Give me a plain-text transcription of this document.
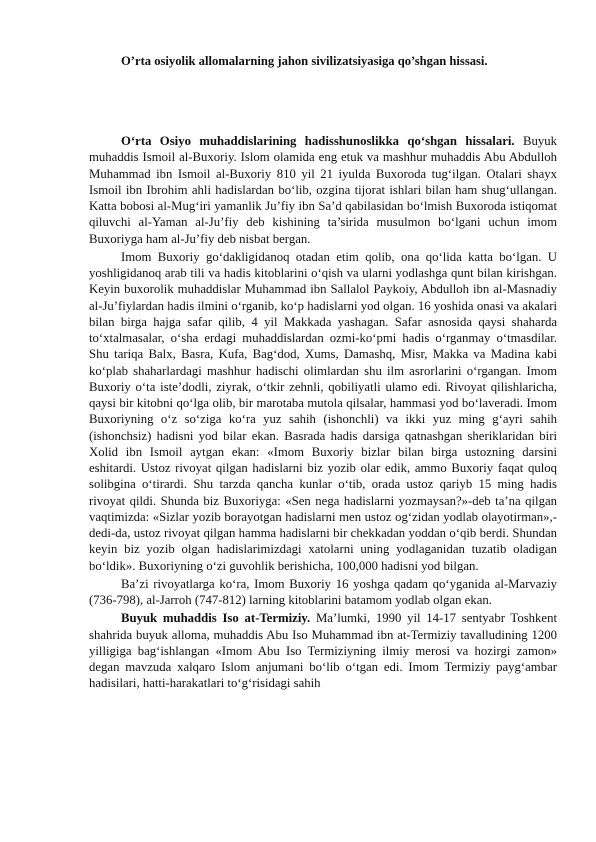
O’rta osiyolik allomalarning jahon sivilizatsiyasiga qo’shgan hissasi.

O‘rta Osiyo muhaddislarining hadisshunoslikka qo‘shgan hissalari. Buyuk muhaddis Ismoil al-Buxoriy. Islom olamida eng etuk va mashhur muhaddis Abu Abdulloh Muhammad ibn Ismoil al-Buxoriy 810 yil 21 iyulda Buxoroda tug‘ilgan. Otalari shayx Ismoil ibn Ibrohim ahli hadislardan bo‘lib, ozgina tijorat ishlari bilan ham shug‘ullangan. Katta bobosi al-Mug‘iri yamanlik Ju’fiy ibn Sa’d qabilasidan bo‘lmish Buxoroda istiqomat qiluvchi al-Yaman al-Ju’fiy deb kishining ta’sirida musulmon bo‘lgani uchun imom Buxoriyga ham al-Ju’fiy deb nisbat bergan.

Imom Buxoriy go‘dakligidanoq otadan etim qolib, ona qo‘lida katta bo‘lgan. U yoshligidanoq arab tili va hadis kitoblarini o‘qish va ularni yodlashga qunt bilan kirishgan. Keyin buxorolik muhaddislar Muhammad ibn Sallalol Paykoiy, Abdulloh ibn al-Masnadiy al-Ju’fiylardan hadis ilmini o‘rganib, ko‘p hadislarni yod olgan. 16 yoshida onasi va akalari bilan birga hajga safar qilib, 4 yil Makkada yashagan. Safar asnosida qaysi shaharda to‘xtalmasalar, o‘sha erdagi muhaddislardan ozmi-ko‘pmi hadis o‘rganmay o‘tmasdilar. Shu tariqa Balx, Basra, Kufa, Bag‘dod, Xums, Damashq, Misr, Makka va Madina kabi ko‘plab shaharlardagi mashhur hadischi olimlardan shu ilm asrorlarini o‘rgangan. Imom Buxoriy o‘ta iste’dodli, ziyrak, o‘tkir zehnli, qobiliyatli ulamo edi. Rivoyat qilishlaricha, qaysi bir kitobni qo‘lga olib, bir marotaba mutola qilsalar, hammasi yod bo‘laveradi. Imom Buxoriyning o‘z so‘ziga ko‘ra yuz sahih (ishonchli) va ikki yuz ming g‘ayri sahih (ishonchsiz) hadisni yod bilar ekan. Basrada hadis darsiga qatnashgan sheriklaridan biri Xolid ibn Ismoil aytgan ekan: «Imom Buxoriy bizlar bilan birga ustozning darsini eshitardi. Ustoz rivoyat qilgan hadislarni biz yozib olar edik, ammo Buxoriy faqat quloq solibgina o‘tirardi. Shu tarzda qancha kunlar o‘tib, orada ustoz qariyb 15 ming hadis rivoyat qildi. Shunda biz Buxoriyga: «Sen nega hadislarni yozmaysan?»-deb ta’na qilgan vaqtimizda: «Sizlar yozib borayotgan hadislarni men ustoz og‘zidan yodlab olayotirman»,-dedi-da, ustoz rivoyat qilgan hamma hadislarni bir chekkadan yoddan o‘qib berdi. Shundan keyin biz yozib olgan hadislarimizdagi xatolarni uning yodlaganidan tuzatib oladigan bo‘ldik». Buxoriyning o‘zi guvohlik berishicha, 100,000 hadisni yod bilgan.

Ba’zi rivoyatlarga ko‘ra, Imom Buxoriy 16 yoshga qadam qo‘yganida al-Marvaziy (736-798), al-Jarroh (747-812) larning kitoblarini batamom yodlab olgan ekan.

Buyuk muhaddis Iso at-Termiziy. Ma’lumki, 1990 yil 14-17 sentyabr Toshkent shahrida buyuk alloma, muhaddis Abu Iso Muhammad ibn at-Termiziy tavalludining 1200 yilligiga bag‘ishlangan «Imom Abu Iso Termiziyning ilmiy merosi va hozirgi zamon» degan mavzuda xalqaro Islom anjumani bo‘lib o‘tgan edi. Imom Termiziy payg‘ambar hadisilari, hatti-harakatlari to‘g‘risidagi sahih
